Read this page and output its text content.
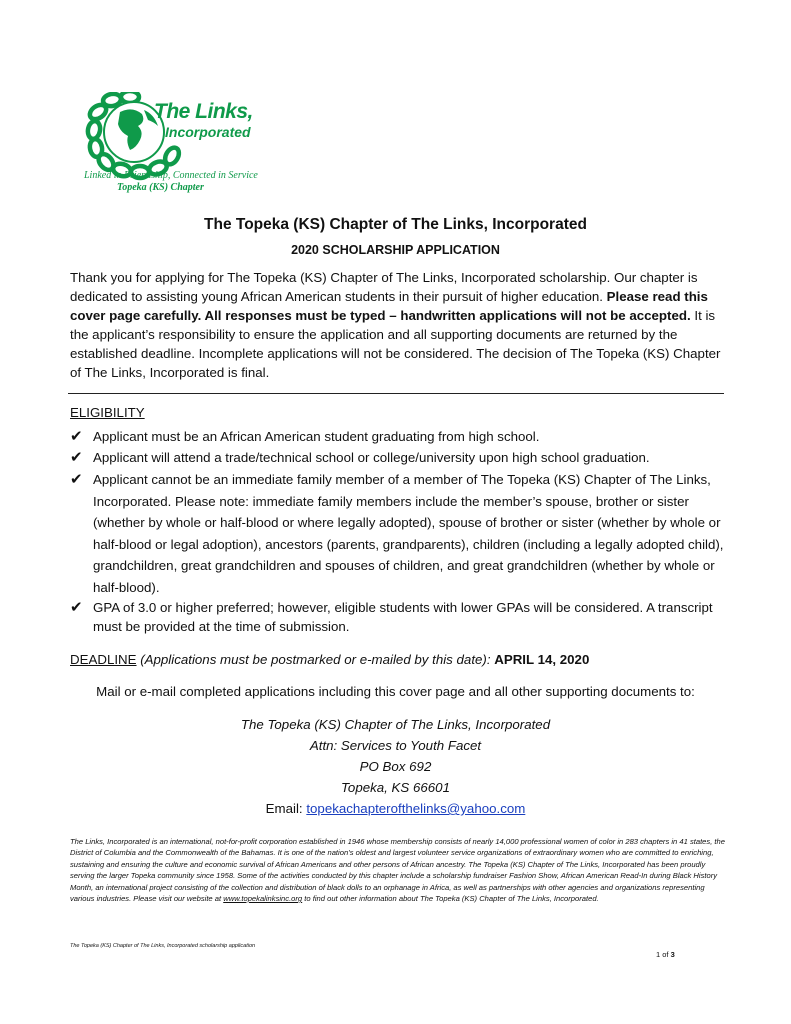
The Links,
Incorporated
Linked in Friendship, Connected in Service
Topeka (KS) Chapter
The Topeka (KS) Chapter of The Links, Incorporated
2020 SCHOLARSHIP APPLICATION
Thank you for applying for The Topeka (KS) Chapter of The Links, Incorporated scholarship. Our chapter is dedicated to assisting young African American students in their pursuit of higher education. Please read this cover page carefully. All responses must be typed – handwritten applications will not be accepted. It is the applicant’s responsibility to ensure the application and all supporting documents are returned by the established deadline. Incomplete applications will not be considered. The decision of The Topeka (KS) Chapter of The Links, Incorporated is final.
ELIGIBILITY
✔ Applicant must be an African American student graduating from high school.
✔ Applicant will attend a trade/technical school or college/university upon high school graduation.
✔ Applicant cannot be an immediate family member of a member of The Topeka (KS) Chapter of The Links, Incorporated. Please note: immediate family members include the member’s spouse, brother or sister (whether by whole or half-blood or where legally adopted), spouse of brother or sister (whether by whole or half-blood or legal adoption), ancestors (parents, grandparents), children (including a legally adopted child), grandchildren, great grandchildren and spouses of children, and great grandchildren (whether by whole or half-blood).
✔ GPA of 3.0 or higher preferred; however, eligible students with lower GPAs will be considered. A transcript must be provided at the time of submission.
DEADLINE (Applications must be postmarked or e-mailed by this date): APRIL 14, 2020
Mail or e-mail completed applications including this cover page and all other supporting documents to:
The Topeka (KS) Chapter of The Links, Incorporated
Attn: Services to Youth Facet
PO Box 692
Topeka, KS 66601
Email: topekachapterofthelinks@yahoo.com
The Links, Incorporated is an international, not-for-profit corporation established in 1946 whose membership consists of nearly 14,000 professional women of color in 283 chapters in 41 states, the District of Columbia and the Commonwealth of the Bahamas. It is one of the nation’s oldest and largest volunteer service organizations of extraordinary women who are committed to enriching, sustaining and ensuring the culture and economic survival of African Americans and other persons of African ancestry. The Topeka (KS) Chapter of The Links, Incorporated has been proudly serving the larger Topeka community since 1958. Some of the activities conducted by this chapter include a scholarship fundraiser Fashion Show, African American Read-In during Black History Month, an international project consisting of the collection and distribution of black dolls to an orphanage in Africa, as well as partnerships with other agencies and organizations representing various industries. Please visit our website at www.topekalinksinc.org to find out other information about The Topeka (KS) Chapter of The Links, Incorporated.
The Topeka (KS) Chapter of The Links, Incorporated scholarship application
1 of 3
